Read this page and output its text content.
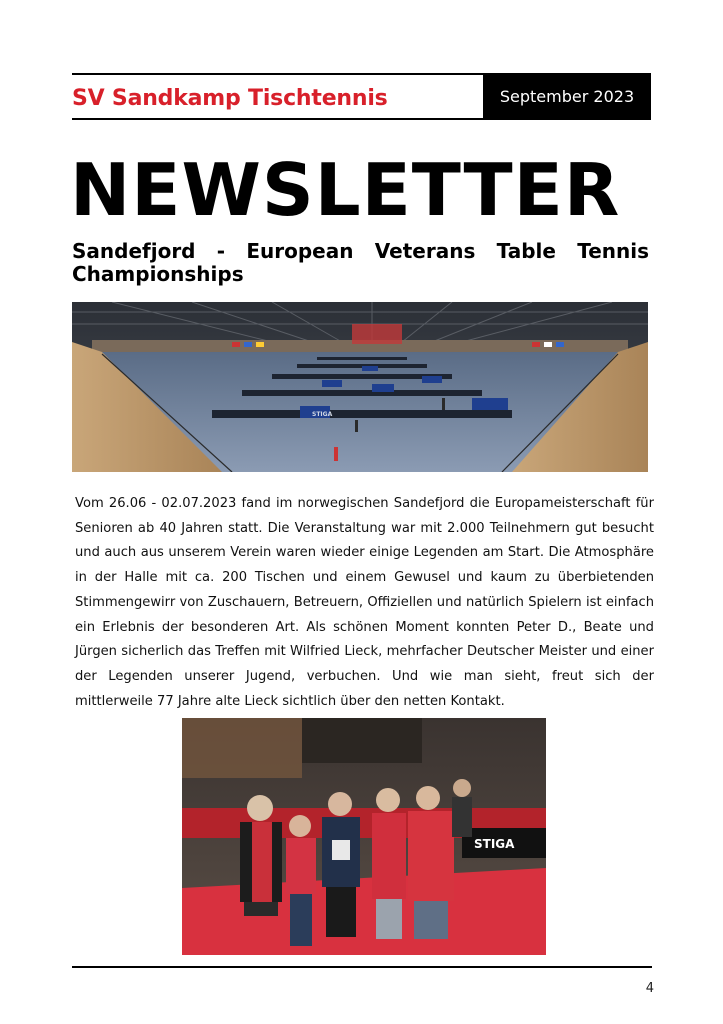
SV Sandkamp Tischtennis	September 2023
NEWSLETTER
Sandefjord - European Veterans Table Tennis Championships
STIGA
Vom 26.06 - 02.07.2023 fand im norwegischen Sandefjord die Europameisterschaft für Senioren ab 40 Jahren statt. Die Veranstaltung war mit 2.000 Teilnehmern gut besucht und auch aus unserem Verein waren wieder einige Legenden am Start. Die Atmosphäre in der Halle mit ca. 200 Tischen und einem Gewusel und kaum zu überbietenden Stimmengewirr von Zuschauern, Betreuern, Offiziellen und natürlich Spielern ist einfach ein Erlebnis der besonderen Art. Als schönen Moment konnten Peter D., Beate und Jürgen sicherlich das Treffen mit Wilfried Lieck, mehrfacher Deutscher Meister und einer der Legenden unserer Jugend, verbuchen. Und wie man sieht, freut sich der mittlerweile 77 Jahre alte Lieck sichtlich über den netten Kontakt.
STIGA
4
